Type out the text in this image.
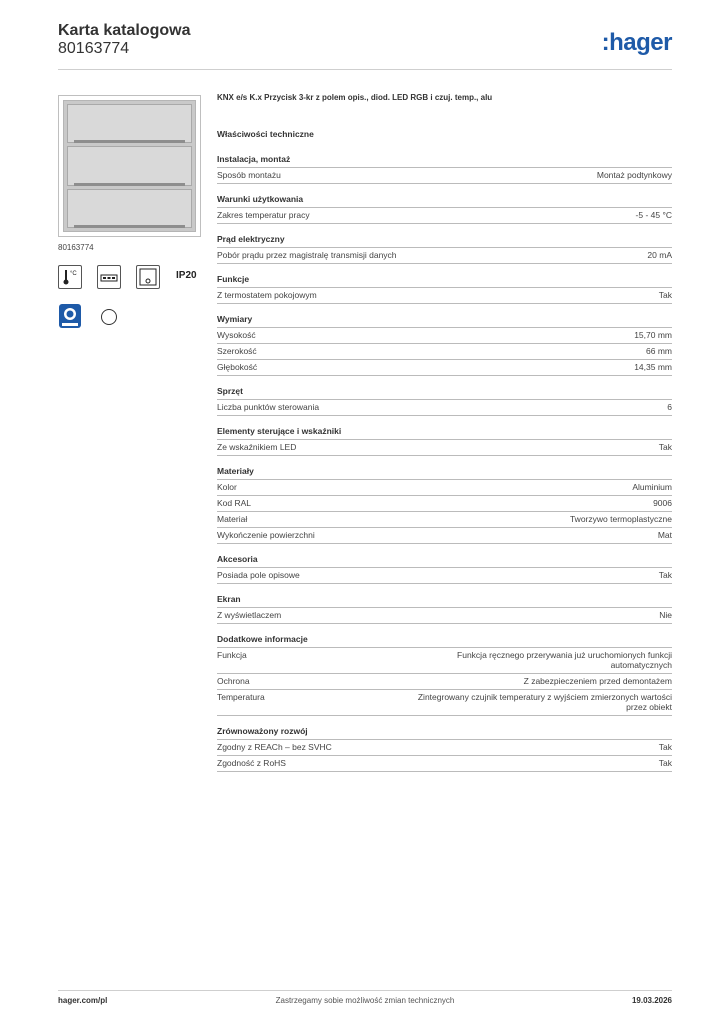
Karta katalogowa
80163774	:hager
80163774
°C	IP20
KNX e/s K.x Przycisk 3-kr z polem opis., diod. LED RGB i czuj. temp., alu
Właściwości techniczne
Instalacja, montaż
Sposób montażu	Montaż podtynkowy
Warunki użytkowania
Zakres temperatur pracy	-5 - 45 °C
Prąd elektryczny
Pobór prądu przez magistralę transmisji danych	20 mA
Funkcje
Z termostatem pokojowym	Tak
Wymiary
Wysokość	15,70 mm
Szerokość	66 mm
Głębokość	14,35 mm
Sprzęt
Liczba punktów sterowania	6
Elementy sterujące i wskaźniki
Ze wskaźnikiem LED	Tak
Materiały
Kolor	Aluminium
Kod RAL	9006
Materiał	Tworzywo termoplastyczne
Wykończenie powierzchni	Mat
Akcesoria
Posiada pole opisowe	Tak
Ekran
Z wyświetlaczem	Nie
Dodatkowe informacje
Funkcja	Funkcja ręcznego przerywania już uruchomionych funkcji automatycznych
Ochrona	Z zabezpieczeniem przed demontażem
Temperatura	Zintegrowany czujnik temperatury z wyjściem zmierzonych wartości przez obiekt
Zrównoważony rozwój
Zgodny z REACh – bez SVHC	Tak
Zgodność z RoHS	Tak
hager.com/pl	Zastrzegamy sobie możliwość zmian technicznych	19.03.2026
